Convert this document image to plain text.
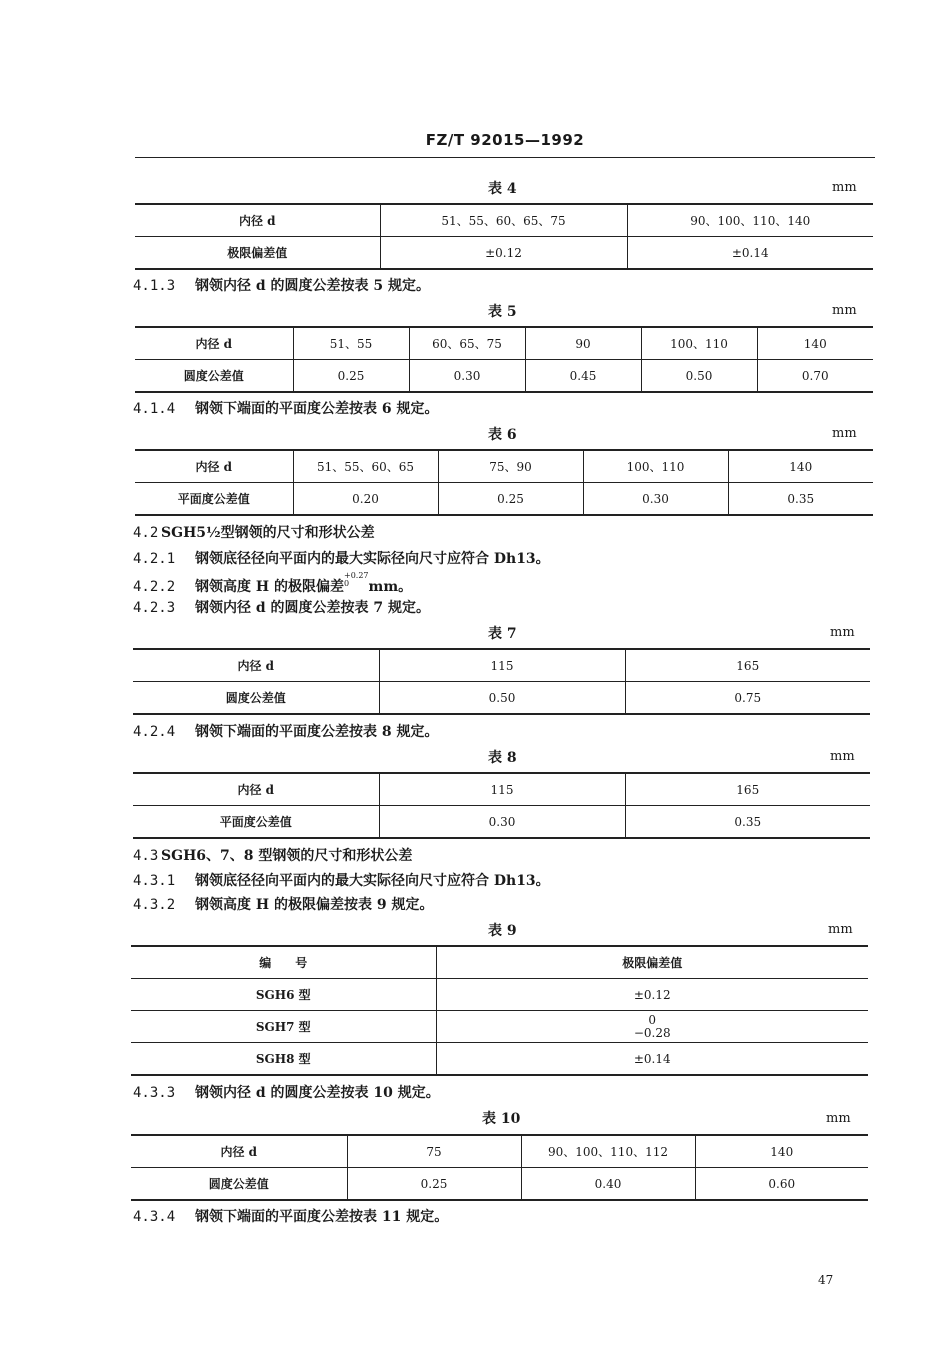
FZ/T 92015—1992
表 4	mm
内径 d	51、55、60、65、75	90、100、110、140
极限偏差值	±0.12	±0.14
4.1.3 钢领内径 d 的圆度公差按表 5 规定。
表 5	mm
内径 d	51、55	60、65、75	90	100、110	140
圆度公差值	0.25	0.30	0.45	0.50	0.70
4.1.4 钢领下端面的平面度公差按表 6 规定。
表 6	mm
内径 d	51、55、60、65	75、90	100、110	140
平面度公差值	0.20	0.25	0.30	0.35
4.2 SGH5½型钢领的尺寸和形状公差
4.2.1 钢领底径径向平面内的最大实际径向尺寸应符合 Dh13。
4.2.2 钢领高度 H 的极限偏差
+0.27
0	mm。
4.2.3 钢领内径 d 的圆度公差按表 7 规定。
表 7	mm
内径 d	115	165
圆度公差值	0.50	0.75
4.2.4 钢领下端面的平面度公差按表 8 规定。
表 8	mm
内径 d	115	165
平面度公差值	0.30	0.35
4.3 SGH6、7、8 型钢领的尺寸和形状公差
4.3.1 钢领底径径向平面内的最大实际径向尺寸应符合 Dh13。
4.3.2 钢领高度 H 的极限偏差按表 9 规定。
表 9	mm
编　　号	极限偏差值
SGH6 型	±0.12
SGH7 型	0
−0.28

SGH8 型	±0.14
4.3.3 钢领内径 d 的圆度公差按表 10 规定。
表 10	mm
内径 d	75	90、100、110、112	140
圆度公差值	0.25	0.40	0.60
4.3.4 钢领下端面的平面度公差按表 11 规定。
47
